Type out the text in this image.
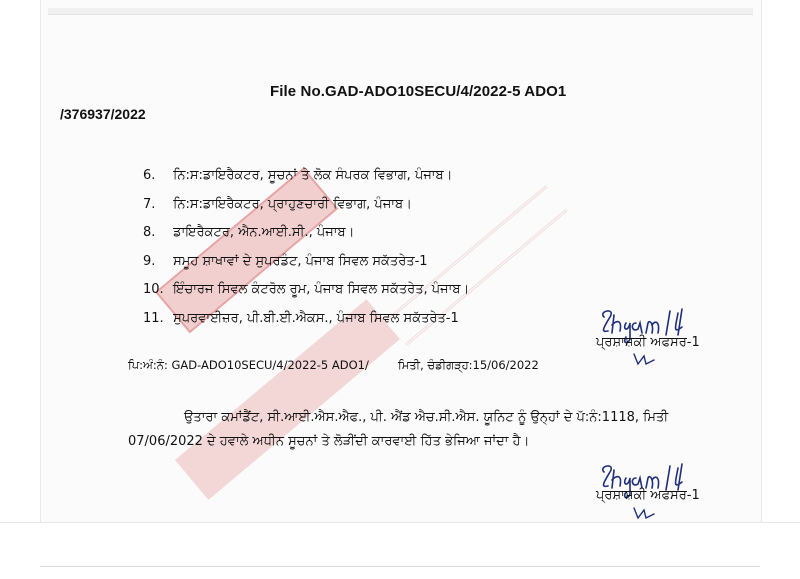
File No.GAD-ADO10SECU/4/2022-5 ADO1
/376937/2022
6. ਨਿ:ਸ:ਡਾਇਰੈਕਟਰ, ਸੂਚਨਾਂ ਤੇ ਲੋਕ ਸੰਪਰਕ ਵਿਭਾਗ, ਪੰਜਾਬ।
7. ਨਿ:ਸ:ਡਾਇਰੈਕਟਰ, ਪ੍ਰਾਹੁਣਚਾਰੀ ਵਿਭਾਗ, ਪੰਜਾਬ।
8. ਡਾਇਰੈਕਟਰ, ਐਨ.ਆਈ.ਸੀ., ਪੰਜਾਬ।
9. ਸਮੂਹ ਸ਼ਾਖਾਵਾਂ ਦੇ ਸੁਪਰਡੰਟ, ਪੰਜਾਬ ਸਿਵਲ ਸਕੱਤਰੇਤ-1
10. ਇੰਚਾਰਜ ਸਿਵਲ ਕੰਟਰੋਲ ਰੂਮ, ਪੰਜਾਬ ਸਿਵਲ ਸਕੱਤਰੇਤ, ਪੰਜਾਬ।
11. ਸੁਪਰਵਾਈਜ਼ਰ, ਪੀ.ਬੀ.ਈ.ਐਕਸ., ਪੰਜਾਬ ਸਿਵਲ ਸਕੱਤਰੇਤ-1
ਪ੍ਰਸ਼ਾਸ਼ਕੀ ਅਫਸਰ-1
ਪਿ:ਅੰ:ਨੰ: GAD-ADO10SECU/4/2022-5 ADO1/	ਮਿਤੀ, ਚੰਡੀਗੜ੍ਹ:15/06/2022
ਉਤਾਰਾ ਕਮਾਂਡੈਂਟ, ਸੀ.ਆਈ.ਐਸ.ਐਫ., ਪੀ. ਐਂਡ ਐਚ.ਸੀ.ਐਸ. ਯੂਨਿਟ ਨੂੰ ਉਨ੍ਹਾਂ ਦੇ ਪੱ:ਨੰ:1118, ਮਿਤੀ 07/06/2022 ਦੇ ਹਵਾਲੇ ਅਧੀਨ ਸੂਚਨਾਂ ਤੇ ਲੋੜੀਂਦੀ ਕਾਰਵਾਈ ਹਿੱਤ ਭੇਜਿਆ ਜਾਂਦਾ ਹੈ।
ਪ੍ਰਸ਼ਾਸ਼ਕੀ ਅਫਸਰ-1
